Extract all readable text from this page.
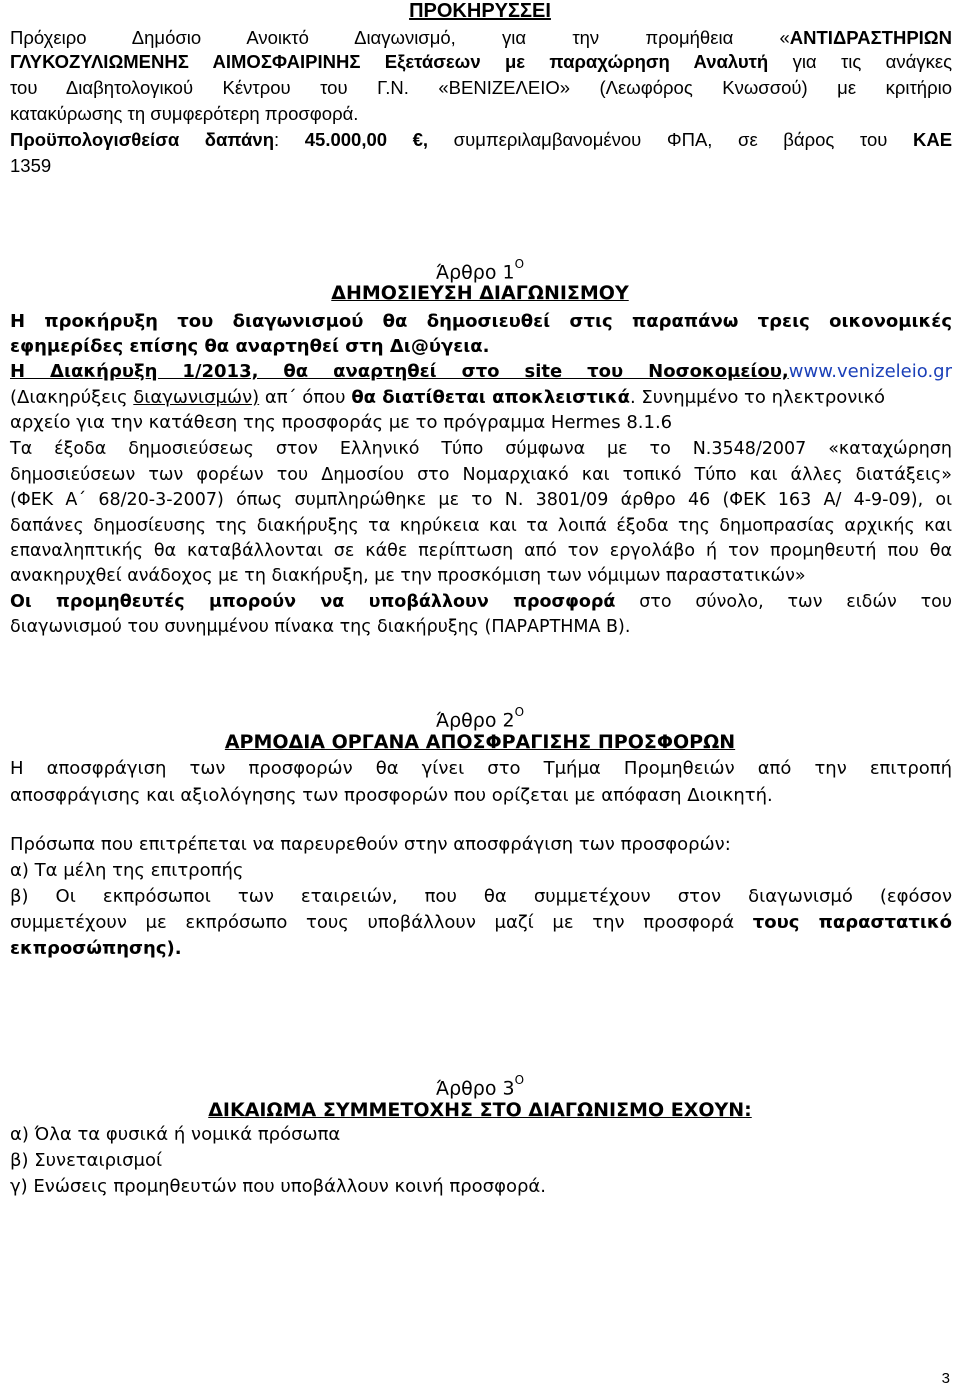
ΠΡΟΚΗΡΥΣΣΕΙ
Πρόχειρο Δημόσιο Ανοικτό Διαγωνισμό, για την προμήθεια «ΑΝΤΙΔΡΑΣΤΗΡΙΩΝ
ΓΛΥΚΟΖΥΛΙΩΜΕΝΗΣ ΑΙΜΟΣΦΑΙΡΙΝΗΣ Εξετάσεων με παραχώρηση Αναλυτή για τις ανάγκες
του Διαβητολογικού Κέντρου του Γ.Ν. «ΒΕΝΙΖΕΛΕΙΟ» (Λεωφόρος Κνωσσού) με κριτήριο
κατακύρωσης τη συμφερότερη προσφορά.
Προϋπολογισθείσα δαπάνη: 45.000,00 €, συμπεριλαμβανομένου ΦΠΑ, σε βάρος του ΚΑΕ
1359
Άρθρο $1^O$
ΔΗΜΟΣΙΕΥΣΗ ΔΙΑΓΩΝΙΣΜΟΥ
Η προκήρυξη του διαγωνισμού θα δημοσιευθεί στις παραπάνω τρεις οικονομικές
εφημερίδες επίσης θα αναρτηθεί στη Δι@ύγεια.
Η Διακήρυξη 1/2013, θα αναρτηθεί στο site του Νοσοκομείου,www.venizeleio.gr
(Διακηρύξεις διαγωνισμών) απ΄ όπου θα διατίθεται αποκλειστικά. Συνημμένο το ηλεκτρονικό
αρχείο για την κατάθεση της προσφοράς με το πρόγραμμα Hermes 8.1.6
Τα έξοδα δημοσιεύσεως στον Ελληνικό Τύπο σύμφωνα με το Ν.3548/2007 «καταχώρηση
δημοσιεύσεων των φορέων του Δημοσίου στο Νομαρχιακό και τοπικό Τύπο και άλλες διατάξεις»
(ΦΕΚ Α΄ 68/20-3-2007) όπως συμπληρώθηκε με το Ν. 3801/09 άρθρο 46 (ΦΕΚ 163 Α/ 4-9-09), οι
δαπάνες δημοσίευσης της διακήρυξης τα κηρύκεια και τα λοιπά έξοδα της δημοπρασίας αρχικής και
επαναληπτικής θα καταβάλλονται σε κάθε περίπτωση από τον εργολάβο ή τον προμηθευτή που θα
ανακηρυχθεί ανάδοχος με τη διακήρυξη, με την προσκόμιση των νόμιμων παραστατικών»
Οι προμηθευτές μπορούν να υποβάλλουν προσφορά στο σύνολο, των ειδών του
διαγωνισμού του συνημμένου πίνακα της διακήρυξης (ΠΑΡΑΡΤΗΜΑ Β).
Άρθρο $2^O$
ΑΡΜΟΔΙΑ ΟΡΓΑΝΑ ΑΠΟΣΦΡΑΓΙΣΗΣ ΠΡΟΣΦΟΡΩΝ
Η αποσφράγιση των προσφορών θα γίνει στο Τμήμα Προμηθειών από την επιτροπή
αποσφράγισης και αξιολόγησης των προσφορών που ορίζεται με απόφαση Διοικητή.
Πρόσωπα που επιτρέπεται να παρευρεθούν στην αποσφράγιση των προσφορών:
α) Τα μέλη της επιτροπής
β) Οι εκπρόσωποι των εταιρειών, που θα συμμετέχουν στον διαγωνισμό (εφόσον
συμμετέχουν με εκπρόσωπο τους υποβάλλουν μαζί με την προσφορά τους παραστατικό
εκπροσώπησης).
Άρθρο $3^O$
ΔΙΚΑΙΩΜΑ ΣΥΜΜΕΤΟΧΗΣ ΣΤΟ ΔΙΑΓΩΝΙΣΜΟ ΕΧΟΥΝ:
α) Όλα τα φυσικά ή νομικά πρόσωπα
β) Συνεταιρισμοί
γ) Ενώσεις προμηθευτών που υποβάλλουν κοινή προσφορά.
3
